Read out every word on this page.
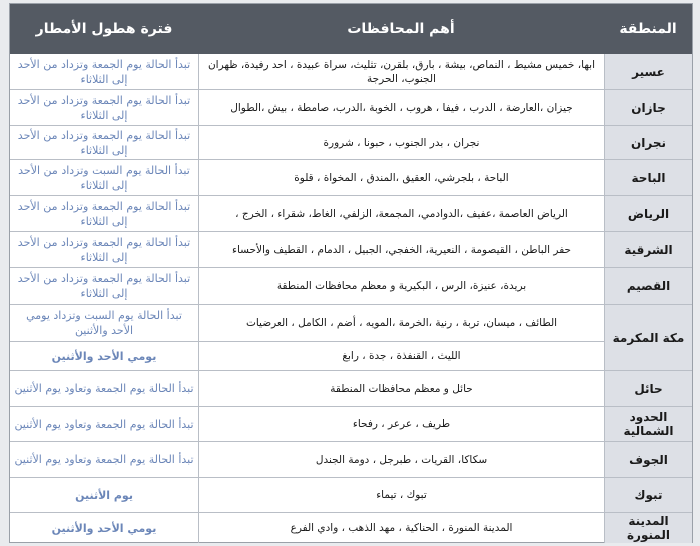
المنطقة
أهم المحافظات
فترة هطول الأمطار
عسير
ابها، خميس مشيط ، النماص، بيشة ، بارق، بلقرن، تثليث، سراة عبيدة ، احد رفيدة، ظهران الجنوب، الحرجة
تبدأ الحالة يوم الجمعة وتزداد من الأحد إلى الثلاثاء
جازان
جيزان ،العارضة ، الدرب ، فيفا ، هروب ، الخوبة ،الدرب، صامطة ، بيش ،الطوال
تبدأ الحالة يوم الجمعة وتزداد من الأحد إلى الثلاثاء
نجران
نجران ، بدر الجنوب ، حبونا ، شرورة
تبدأ الحالة يوم الجمعة وتزداد من الأحد إلى الثلاثاء
الباحة
الباحة ، بلجرشي، العقيق ،المندق ، المخواة ، قلوة
تبدأ الحالة يوم السبت وتزداد من الأحد إلى الثلاثاء
الرياض
الرياض العاصمة ،عفيف ،الدوادمي، المجمعة، الزلفي، الغاط، شقراء ، الخرج ،
تبدأ الحالة يوم الجمعة وتزداد من الأحد إلى الثلاثاء
الشرقية
حفر الباطن ، القيصومة ، النعيرية، الخفجي، الجبيل ، الدمام ، القطيف والأحساء
تبدأ الحالة يوم الجمعة وتزداد من الأحد إلى الثلاثاء
القصيم
بريدة، عنيزة، الرس ، البكيرية و معظم محافظات المنطقة
تبدأ الحالة يوم الجمعة وتزداد من الأحد إلى الثلاثاء
مكة المكرمة
الطائف ، ميسان، تربة ، رنية ،الخرمة ،المويه ، أضم ، الكامل ، العرضيات
الليث ، القنفذة ، جدة ، رابغ
تبدأ الحالة يوم السبت وتزداد يومي الأحد والأثنين
يومي الأحد والأثنين
حائل
حائل و معظم محافظات المنطقة
تبدأ الحالة يوم الجمعة وتعاود يوم الأثنين
الحدود الشمالية
طريف ، عرعر ، رفحاء
تبدأ الحالة يوم الجمعة وتعاود يوم الأثنين
الجوف
سكاكا، القريات ، طبرجل ، دومة الجندل
تبدأ الحالة يوم الجمعة وتعاود يوم الأثنين
تبوك
تبوك ، تيماء
يوم الأثنين
المدينة المنورة
المدينة المنورة ، الحناكية ، مهد الذهب ، وادي الفرع
يومي الأحد والأثنين
